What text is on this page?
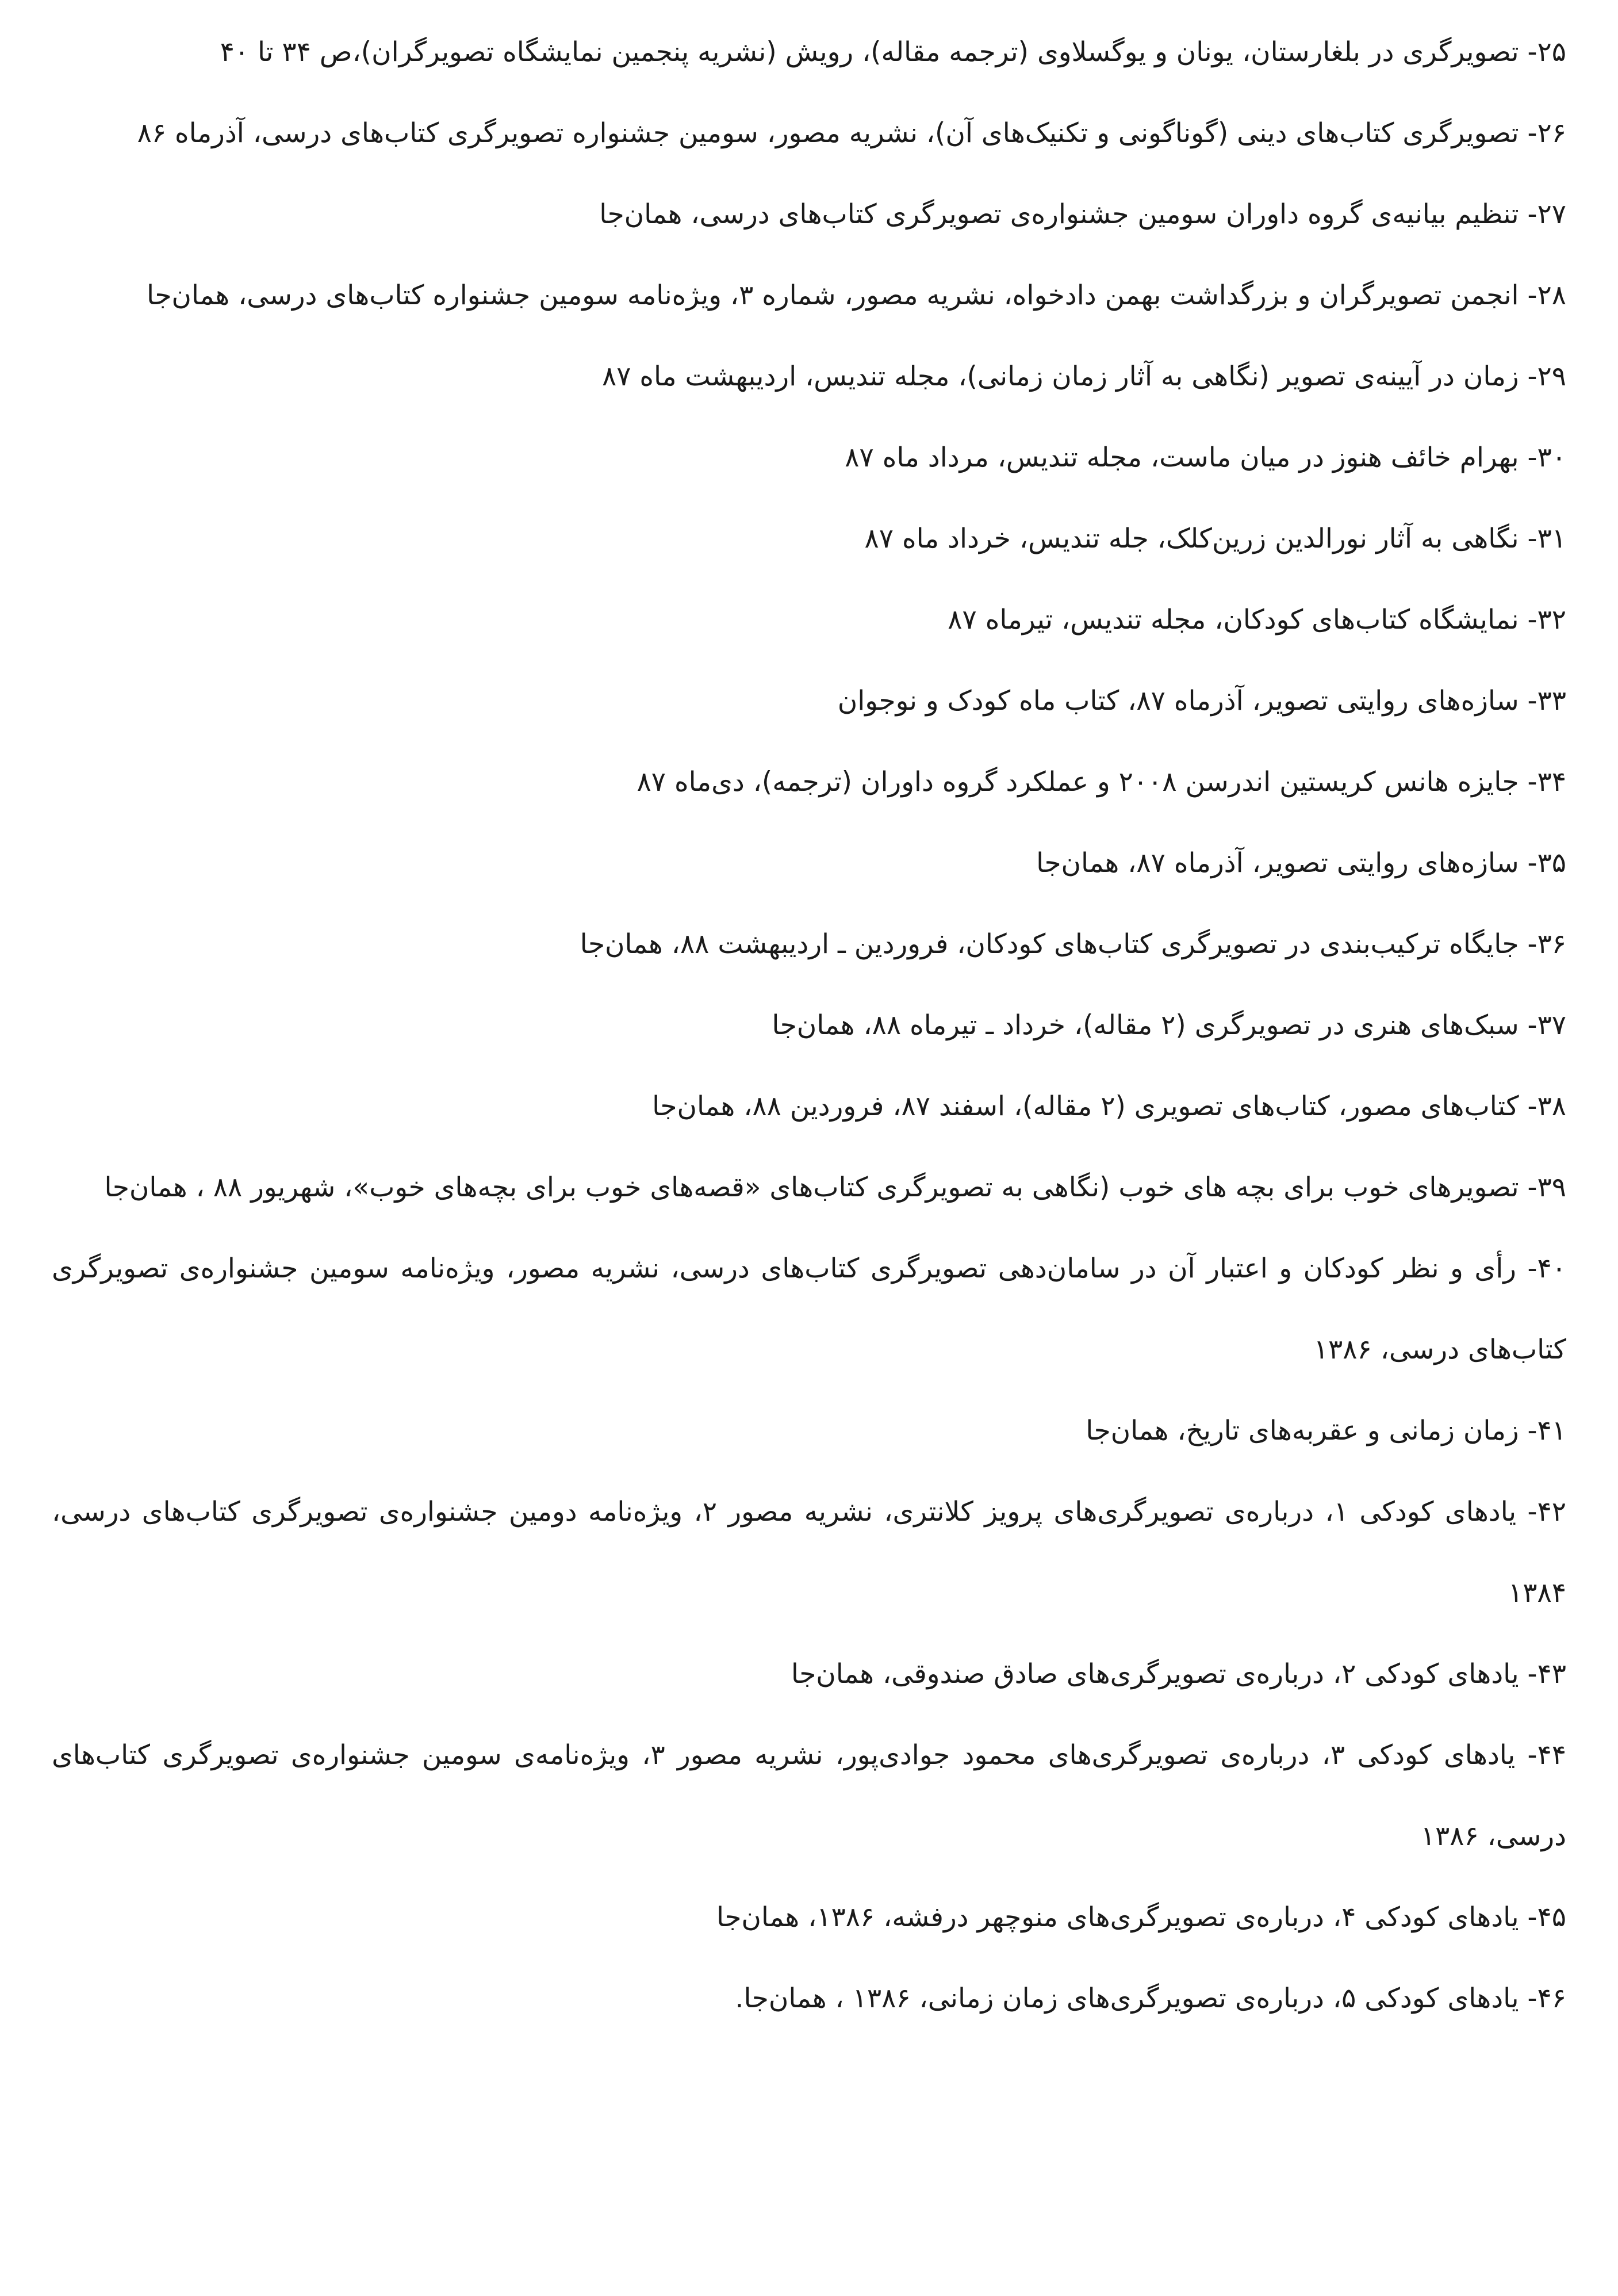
۲۵- تصویرگری در بلغارستان، یونان و یوگسلاوی (ترجمه مقاله)، رویش (نشریه پنجمین نمایشگاه تصویرگران)،ص ۳۴ تا ۴۰

۲۶- تصویرگری کتاب‌های دینی (گوناگونی و تکنیک‌های آن)، نشریه مصور، سومین جشنواره تصویرگری کتاب‌های درسی، آذرماه ۸۶

۲۷- تنظیم بیانیه‌ی گروه داوران سومین جشنواره‌ی تصویرگری کتاب‌های درسی، همان‌جا

۲۸- انجمن تصویرگران و بزرگداشت بهمن دادخواه، نشریه مصور، شماره ۳، ویژه‌نامه سومین جشنواره کتاب‌های درسی، همان‌جا

۲۹- زمان در آیینه‌ی تصویر (نگاهی به آثار زمان زمانی)، مجله تندیس، اردیبهشت ماه ۸۷

۳۰- بهرام خائف هنوز در میان ماست، مجله تندیس، مرداد ماه ۸۷

۳۱- نگاهی به آثار نورالدین زرین‌کلک، جله تندیس، خرداد ماه ۸۷

۳۲- نمایشگاه کتاب‌های کودکان، مجله تندیس، تیرماه ۸۷

۳۳- سازه‌های روایتی تصویر، آذرماه ۸۷، کتاب ماه کودک و نوجوان

۳۴- جایزه هانس کریستین اندرسن ۲۰۰۸ و عملکرد گروه داوران (ترجمه)، دی‌ماه ۸۷

۳۵- سازه‌های روایتی تصویر، آذرماه ۸۷، همان‌جا

۳۶- جایگاه ترکیب‌بندی در تصویرگری کتاب‌های کودکان، فروردین ـ اردیبهشت ۸۸، همان‌جا

۳۷- سبک‌های هنری در تصویرگری (۲ مقاله)، خرداد ـ تیرماه ۸۸، همان‌جا

۳۸- کتاب‌های مصور، کتاب‌های تصویری (۲ مقاله)، اسفند ۸۷، فروردین ۸۸، همان‌جا

۳۹- تصویرهای خوب برای بچه های خوب (نگاهی به تصویرگری کتاب‌های «قصه‌های خوب برای بچه‌های خوب»، شهریور ۸۸ ، همان‌جا

۴۰- رأی و نظر کودکان و اعتبار آن در سامان‌دهی تصویرگری کتاب‌های درسی، نشریه مصور، ویژه‌نامه سومین جشنواره‌ی تصویرگری کتاب‌های درسی، ۱۳۸۶

۴۱- زمان زمانی و عقربه‌های تاریخ، همان‌جا

۴۲- یادهای کودکی ۱، درباره‌ی تصویرگری‌های پرویز کلانتری، نشریه مصور ۲، ویژه‌نامه دومین جشنواره‌ی تصویرگری کتاب‌های درسی، ۱۳۸۴

۴۳- یادهای کودکی ۲، درباره‌ی تصویرگری‌های صادق صندوقی، همان‌جا

۴۴- یادهای کودکی ۳، درباره‌ی تصویرگری‌های محمود جوادی‌پور، نشریه مصور ۳، ویژه‌نامه‌ی سومین جشنواره‌ی تصویرگری کتاب‌های درسی، ۱۳۸۶

۴۵- یادهای کودکی ۴، درباره‌ی تصویرگری‌های منوچهر درفشه، ۱۳۸۶، همان‌جا

۴۶- یادهای کودکی ۵، درباره‌ی تصویرگری‌های زمان زمانی، ۱۳۸۶ ، همان‌جا.
